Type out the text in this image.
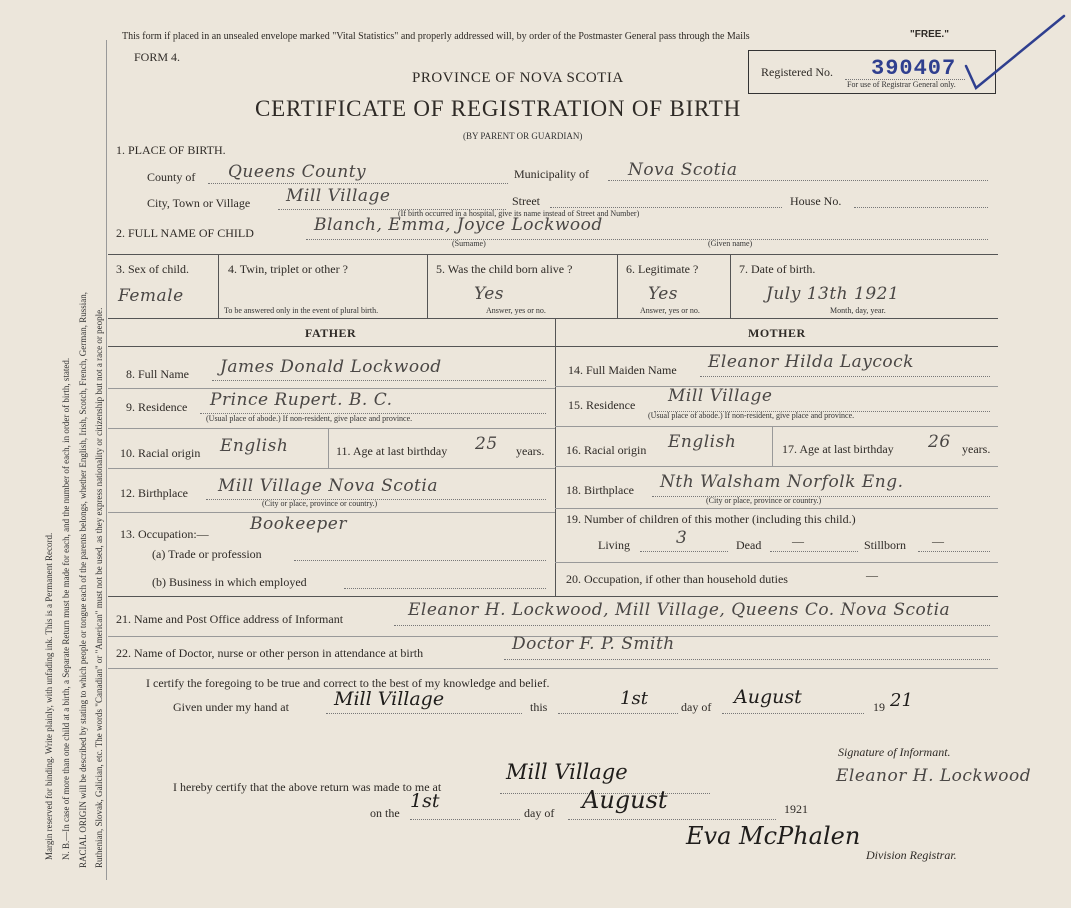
Margin reserved for binding. Write plainly, with unfading ink. This is a Permanent Record. N. B.—In case of more than one child at a birth, a Separate Return must be made for each, and the number of each, in order of birth, stated. RACIAL ORIGIN will be described by stating to which people or tongue each of the parents belongs, whether English, Irish, Scotch, French, German, Russian, Ruthenian, Slovak, Galician, etc. The words "Canadian" or "American" must not be used, as they express nationality or citizenship but not a race or people.
This form if placed in an unsealed envelope marked "Vital Statistics" and properly addressed will, by order of the Postmaster General pass through the Mails	"FREE."
FORM 4.
PROVINCE OF NOVA SCOTIA
CERTIFICATE OF REGISTRATION OF BIRTH
(BY PARENT OR GUARDIAN)
Registered No. 390407
For use of Registrar General only.
1. PLACE OF BIRTH.
County of Queens County	Municipality of Nova Scotia
City, Town or Village Mill Village	Street	House No.
(If birth occurred in a hospital, give its name instead of Street and Number)
2. FULL NAME OF CHILD	Blanch, Emma, Joyce Lockwood
(Surname)	(Given name)
3. Sex of child.
Female
4. Twin, triplet or other ?
To be answered only in the event of plural birth.
5. Was the child born alive ?
Yes
Answer, yes or no.
6. Legitimate ?
Yes
Answer, yes or no.
7. Date of birth.
July 13th 1921
Month, day, year.
FATHER
8. Full Name James Donald Lockwood
9. Residence Prince Rupert. B. C.
(Usual place of abode.) If non-resident, give place and province.
10. Racial origin English	11. Age at last birthday 25 years.
12. Birthplace Mill Village Nova Scotia
(City or place, province or country.)
13. Occupation:— Bookeeper
(a) Trade or profession
(b) Business in which employed
MOTHER
14. Full Maiden Name Eleanor Hilda Laycock
15. Residence Mill Village
(Usual place of abode.) If non-resident, give place and province.
16. Racial origin English	17. Age at last birthday 26 years.
18. Birthplace Nth Walsham Norfolk Eng.
(City or place, province or country.)
19. Number of children of this mother (including this child.)
Living	3	Dead	—	Stillborn —
20. Occupation, if other than household duties	—
21. Name and Post Office address of Informant	Eleanor H. Lockwood, Mill Village, Queens Co. Nova Scotia
22. Name of Doctor, nurse or other person in attendance at birth	Doctor F. P. Smith
I certify the foregoing to be true and correct to the best of my knowledge and belief.
Given under my hand at Mill Village	this	1st	day of August	19 21
Signature of Informant.
Eleanor H. Lockwood
I hereby certify that the above return was made to me at
Mill Village
on the
1st
day of August	1921
Eva McPhalen
Division Registrar.
